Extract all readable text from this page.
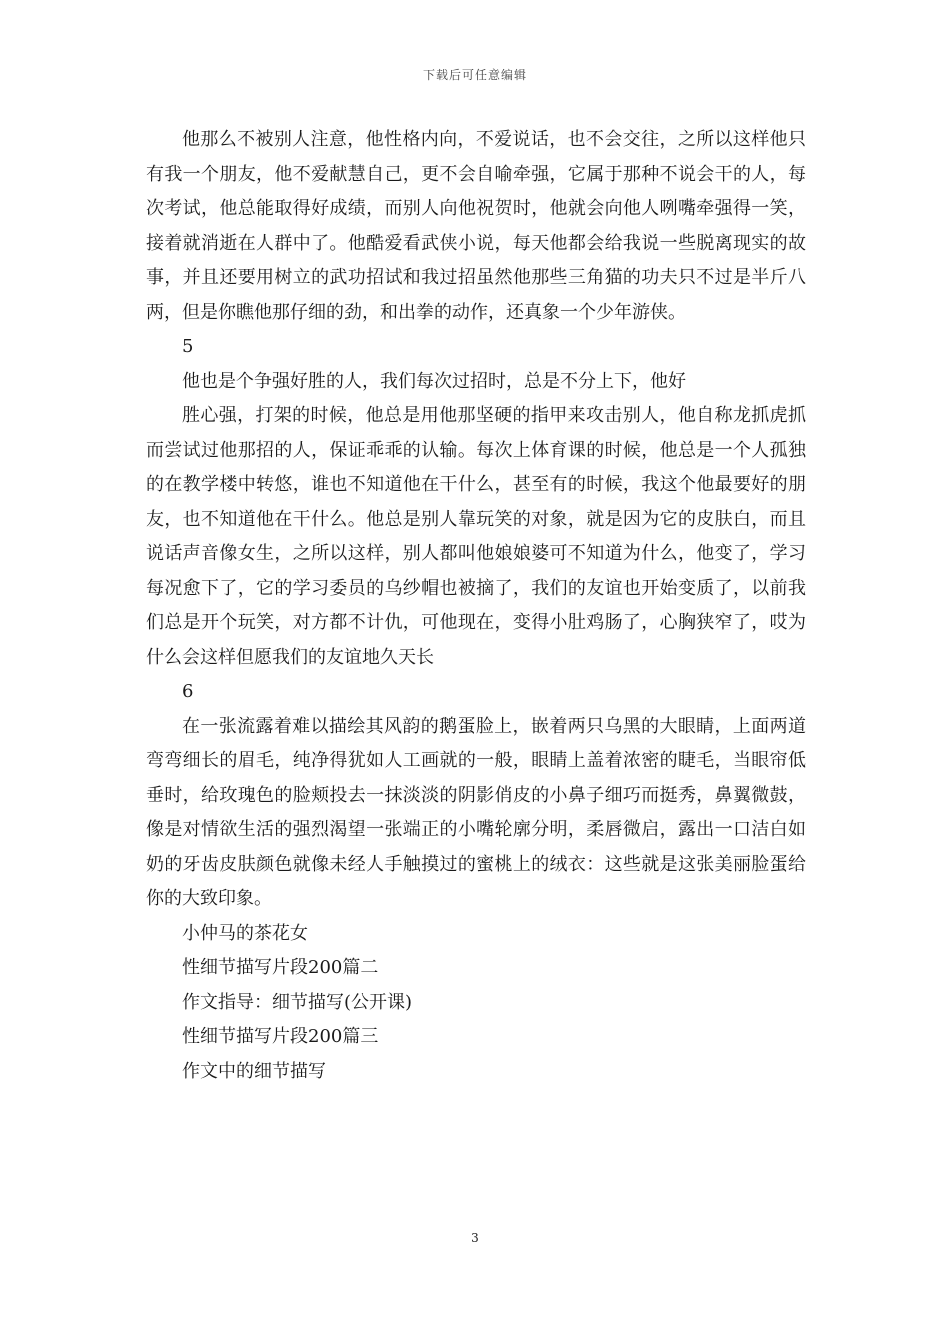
下载后可任意编辑

他那么不被别人注意，他性格内向，不爱说话，也不会交往，之所以这样他只有我一个朋友，他不爱献慧自己，更不会自喻牵强，它属于那种不说会干的人，每次考试，他总能取得好成绩，而别人向他祝贺时，他就会向他人咧嘴牵强得一笑，接着就消逝在人群中了。他酷爱看武侠小说，每天他都会给我说一些脱离现实的故事，并且还要用树立的武功招试和我过招虽然他那些三角猫的功夫只不过是半斤八两，但是你瞧他那仔细的劲，和出拳的动作，还真象一个少年游侠。

5

他也是个争强好胜的人，我们每次过招时，总是不分上下，他好

胜心强，打架的时候，他总是用他那坚硬的指甲来攻击别人，他自称龙抓虎抓而尝试过他那招的人，保证乖乖的认输。每次上体育课的时候，他总是一个人孤独的在教学楼中转悠，谁也不知道他在干什么，甚至有的时候，我这个他最要好的朋友，也不知道他在干什么。他总是别人靠玩笑的对象，就是因为它的皮肤白，而且说话声音像女生，之所以这样，别人都叫他娘娘婆可不知道为什么，他变了，学习每况愈下了，它的学习委员的乌纱帽也被摘了，我们的友谊也开始变质了，以前我们总是开个玩笑，对方都不计仇，可他现在，变得小肚鸡肠了，心胸狭窄了，哎为什么会这样但愿我们的友谊地久天长

6

在一张流露着难以描绘其风韵的鹅蛋脸上，嵌着两只乌黑的大眼睛，上面两道弯弯细长的眉毛，纯净得犹如人工画就的一般，眼睛上盖着浓密的睫毛，当眼帘低垂时，给玫瑰色的脸颊投去一抹淡淡的阴影俏皮的小鼻子细巧而挺秀，鼻翼微鼓，像是对情欲生活的强烈渴望一张端正的小嘴轮廓分明，柔唇微启，露出一口洁白如奶的牙齿皮肤颜色就像未经人手触摸过的蜜桃上的绒衣：这些就是这张美丽脸蛋给你的大致印象。

小仲马的茶花女

性细节描写片段200篇二

作文指导：细节描写(公开课)

性细节描写片段200篇三

作文中的细节描写

3
